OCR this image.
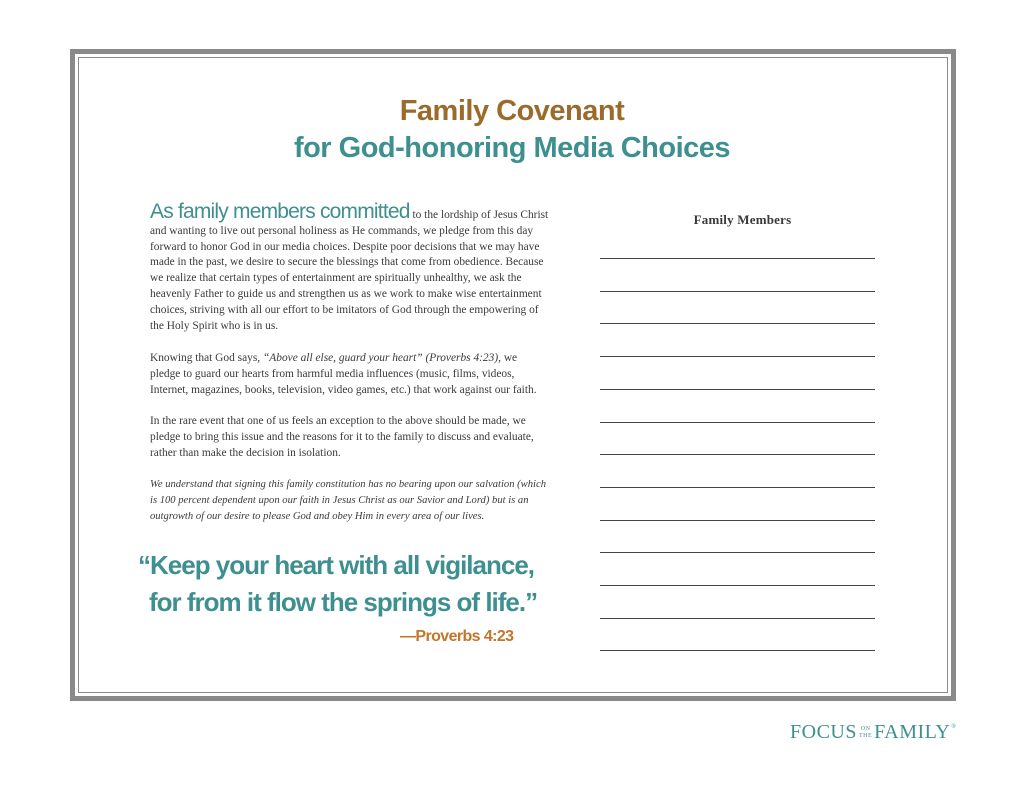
Family Covenant
for God-honoring Media Choices
As family members committed to the lordship of Jesus Christ and wanting to live out personal holiness as He commands, we pledge from this day forward to honor God in our media choices. Despite poor decisions that we may have made in the past, we desire to secure the blessings that come from obedience. Because we realize that certain types of entertainment are spiritually unhealthy, we ask the heavenly Father to guide us and strengthen us as we work to make wise entertainment choices, striving with all our effort to be imitators of God through the empowering of the Holy Spirit who is in us.
Knowing that God says, “Above all else, guard your heart” (Proverbs 4:23), we pledge to guard our hearts from harmful media influences (music, films, videos, Internet, magazines, books, television, video games, etc.) that work against our faith.
In the rare event that one of us feels an exception to the above should be made, we pledge to bring this issue and the reasons for it to the family to discuss and evaluate, rather than make the decision in isolation.
We understand that signing this family constitution has no bearing upon our salvation (which is 100 percent dependent upon our faith in Jesus Christ as our Savior and Lord) but is an outgrowth of our desire to please God and obey Him in every area of our lives.
“Keep your heart with all vigilance,
for from it flow the springs of life.”
—Proverbs 4:23
Family Members
FOCUS ON
THE FAMILY ®
